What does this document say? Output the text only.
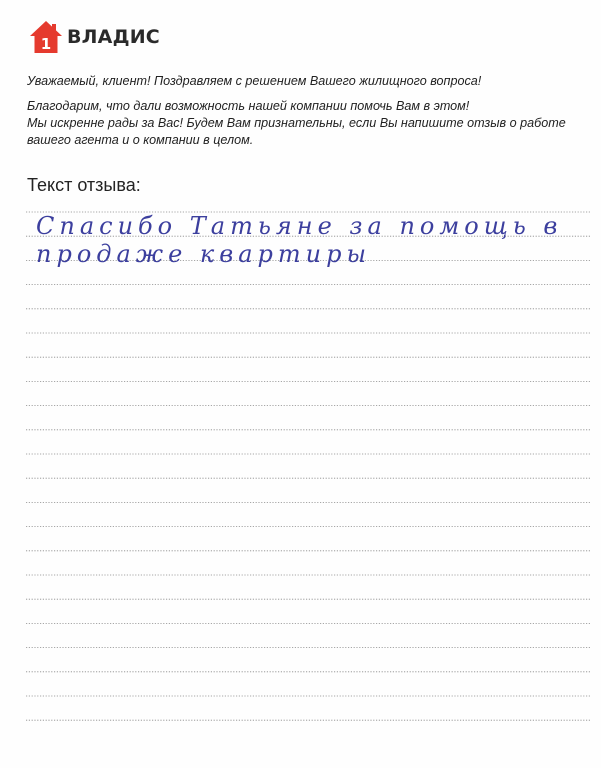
1 ВЛАДИС

Уважаемый, клиент! Поздравляем с решением Вашего жилищного вопроса!

Благодарим, что дали возможность нашей компании помочь Вам в этом!
Мы искренне рады за Вас! Будем Вам признательны, если Вы напишите отзыв о работе
вашего агента и о компании в целом.
Текст отзыва:
Спасибо Татьяне за помощь в
продаже квартиры
